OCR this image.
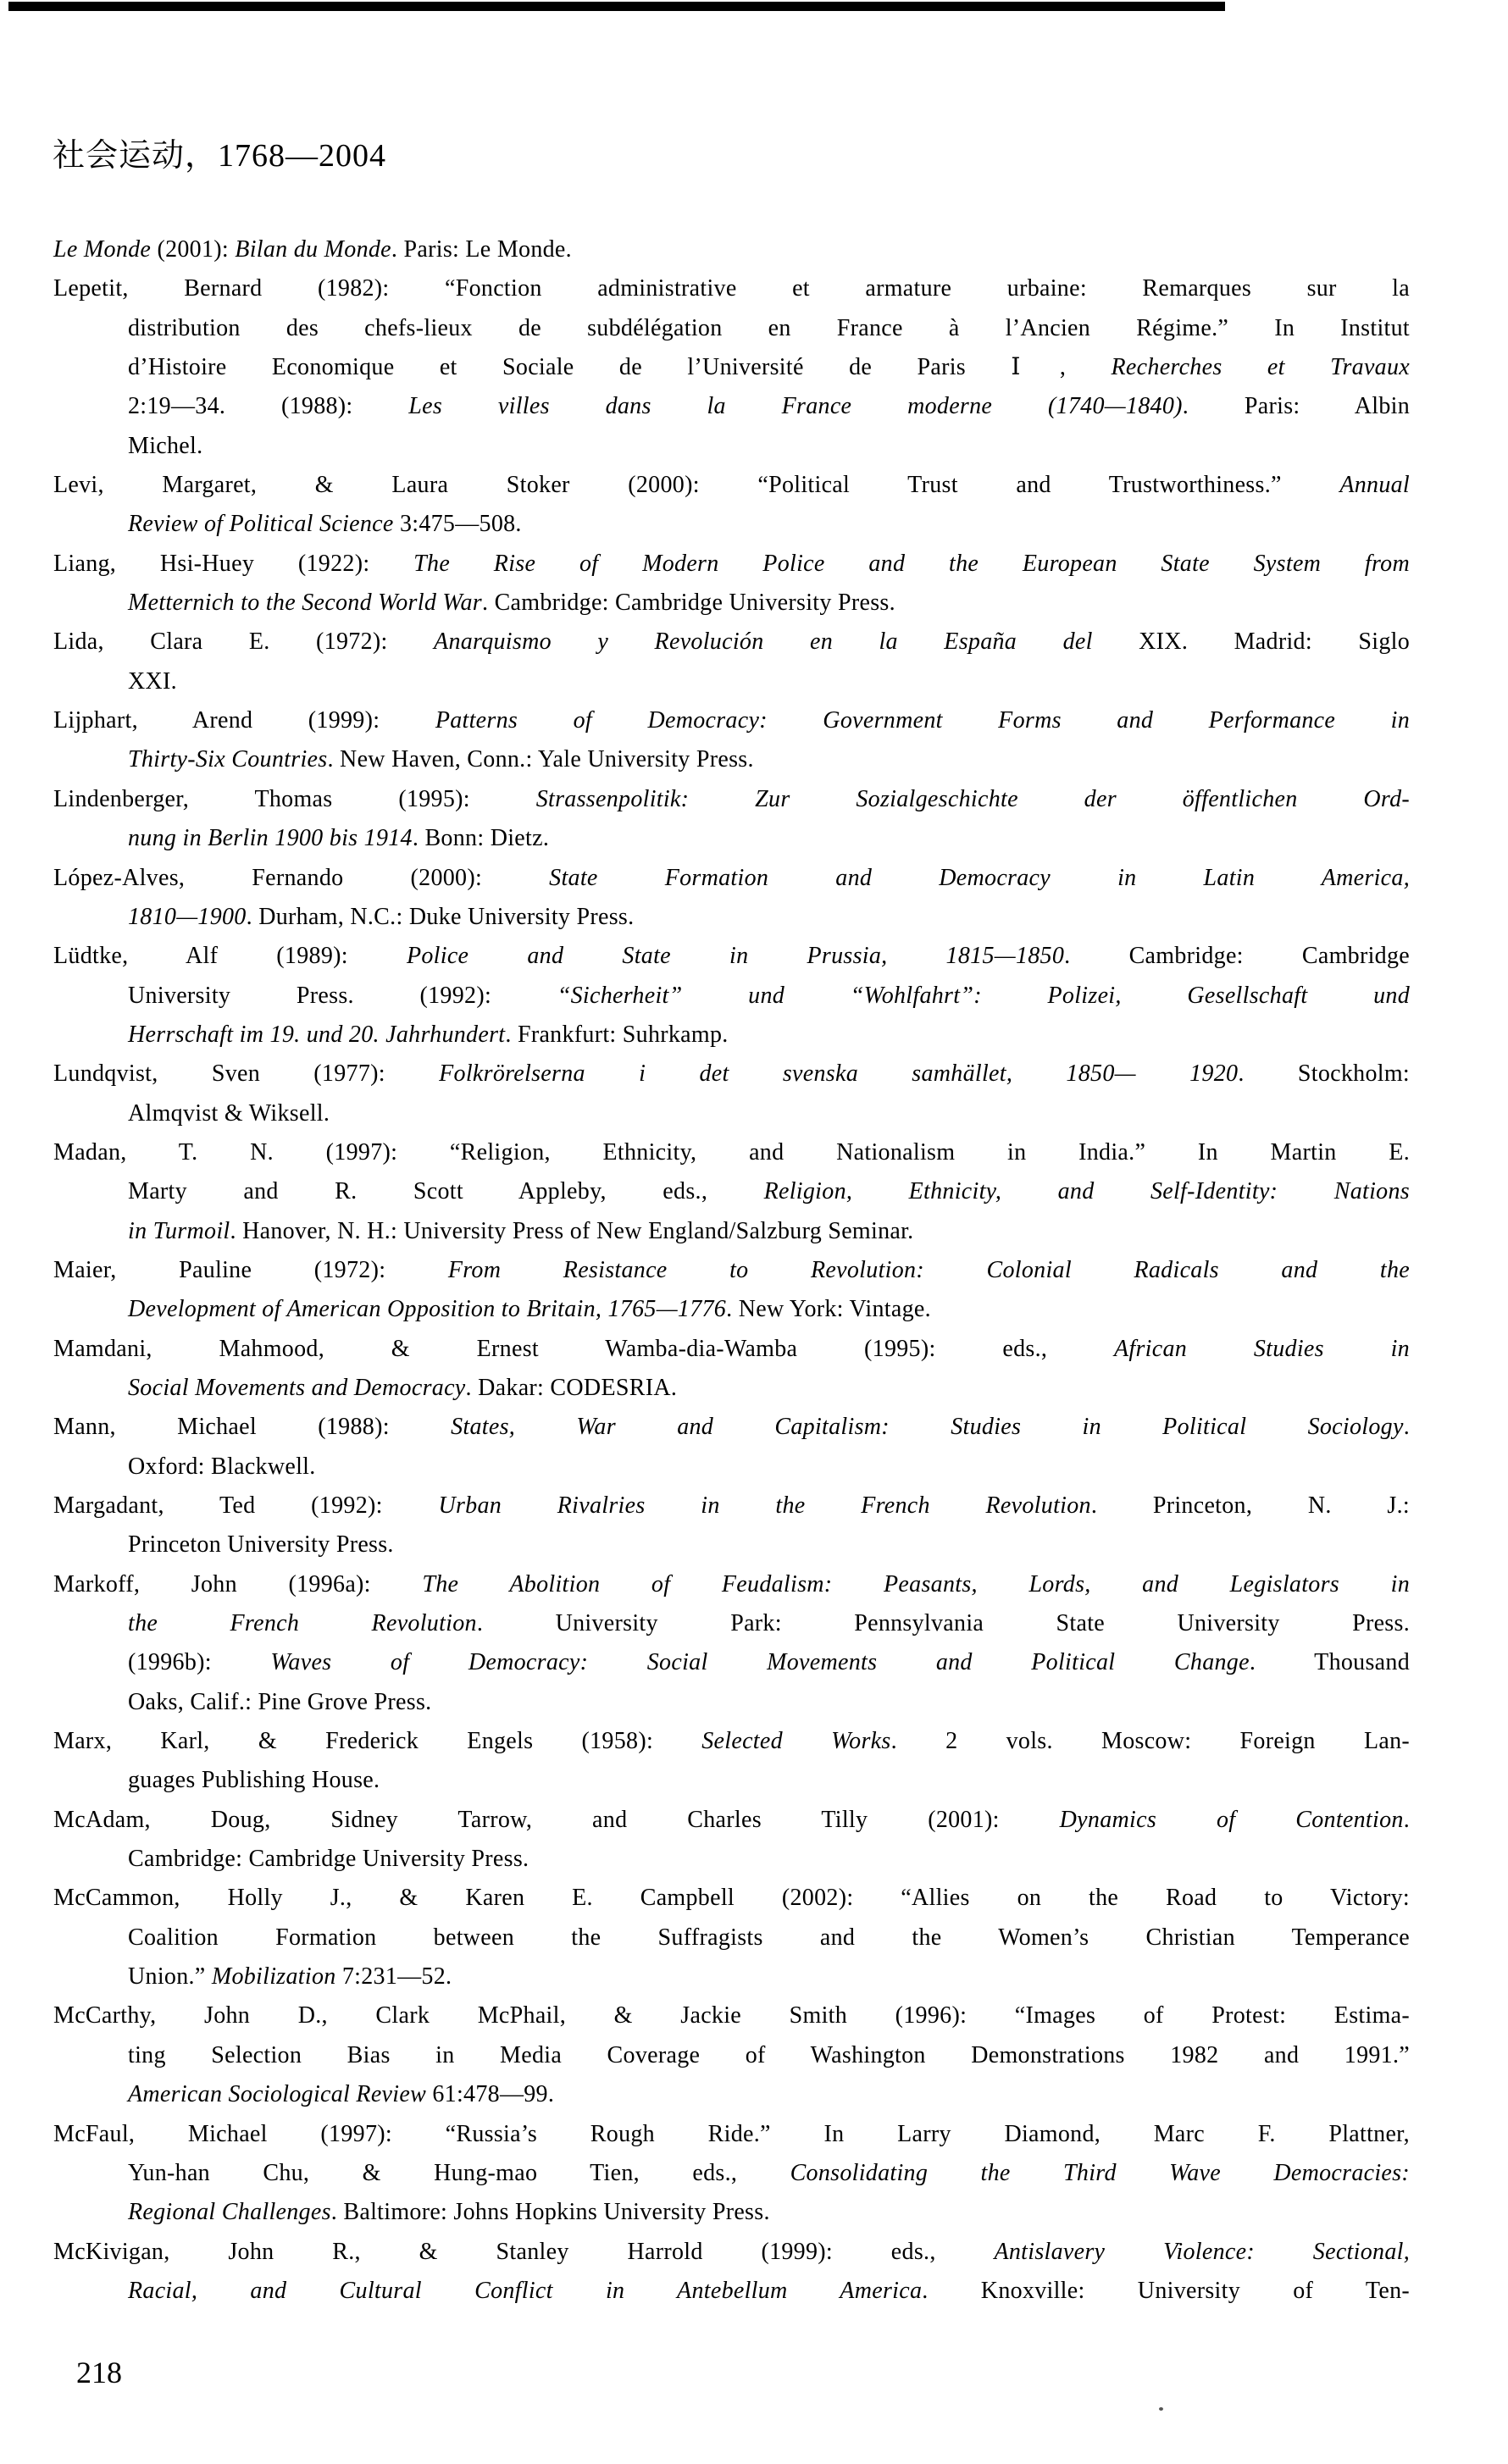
社会运动，1768—2004
Le Monde (2001): Bilan du Monde. Paris: Le Monde.
Lepetit, Bernard (1982): “Fonction administrative et armature urbaine: Remarques sur la
distribution des chefs-lieux de subdélégation en France à l’Ancien Régime.” In Institut
d’Histoire Economique et Sociale de l’Université de Paris Ⅰ, Recherches et Travaux
2:19—34. (1988): Les villes dans la France moderne (1740—1840). Paris: Albin
Michel.
Levi, Margaret, & Laura Stoker (2000): “Political Trust and Trustworthiness.” Annual
Review of Political Science 3:475—508.
Liang, Hsi-Huey (1922): The Rise of Modern Police and the European State System from
Metternich to the Second World War. Cambridge: Cambridge University Press.
Lida, Clara E. (1972): Anarquismo y Revolución en la España del XIX. Madrid: Siglo
XXI.
Lijphart, Arend (1999): Patterns of Democracy: Government Forms and Performance in
Thirty-Six Countries. New Haven, Conn.: Yale University Press.
Lindenberger, Thomas (1995): Strassenpolitik: Zur Sozialgeschichte der öffentlichen Ord-
nung in Berlin 1900 bis 1914. Bonn: Dietz.
López-Alves, Fernando (2000): State Formation and Democracy in Latin America,
1810—1900. Durham, N.C.: Duke University Press.
Lüdtke, Alf (1989): Police and State in Prussia, 1815—1850. Cambridge: Cambridge
University Press. (1992): “Sicherheit” und “Wohlfahrt”: Polizei, Gesellschaft und
Herrschaft im 19. und 20. Jahrhundert. Frankfurt: Suhrkamp.
Lundqvist, Sven (1977): Folkrörelserna i det svenska samhället, 1850— 1920. Stockholm:
Almqvist & Wiksell.
Madan, T. N. (1997): “Religion, Ethnicity, and Nationalism in India.” In Martin E.
Marty and R. Scott Appleby, eds., Religion, Ethnicity, and Self-Identity: Nations
in Turmoil. Hanover, N. H.: University Press of New England/Salzburg Seminar.
Maier, Pauline (1972): From Resistance to Revolution: Colonial Radicals and the
Development of American Opposition to Britain, 1765—1776. New York: Vintage.
Mamdani, Mahmood, & Ernest Wamba-dia-Wamba (1995): eds., African Studies in
Social Movements and Democracy. Dakar: CODESRIA.
Mann, Michael (1988): States, War and Capitalism: Studies in Political Sociology.
Oxford: Blackwell.
Margadant, Ted (1992): Urban Rivalries in the French Revolution. Princeton, N. J.:
Princeton University Press.
Markoff, John (1996a): The Abolition of Feudalism: Peasants, Lords, and Legislators in
the French Revolution. University Park: Pennsylvania State University Press.
(1996b): Waves of Democracy: Social Movements and Political Change. Thousand
Oaks, Calif.: Pine Grove Press.
Marx, Karl, & Frederick Engels (1958): Selected Works. 2 vols. Moscow: Foreign Lan-
guages Publishing House.
McAdam, Doug, Sidney Tarrow, and Charles Tilly (2001): Dynamics of Contention.
Cambridge: Cambridge University Press.
McCammon, Holly J., & Karen E. Campbell (2002): “Allies on the Road to Victory:
Coalition Formation between the Suffragists and the Women’s Christian Temperance
Union.” Mobilization 7:231—52.
McCarthy, John D., Clark McPhail, & Jackie Smith (1996): “Images of Protest: Estima-
ting Selection Bias in Media Coverage of Washington Demonstrations 1982 and 1991.”
American Sociological Review 61:478—99.
McFaul, Michael (1997): “Russia’s Rough Ride.” In Larry Diamond, Marc F. Plattner,
Yun-han Chu, & Hung-mao Tien, eds., Consolidating the Third Wave Democracies:
Regional Challenges. Baltimore: Johns Hopkins University Press.
McKivigan, John R., & Stanley Harrold (1999): eds., Antislavery Violence: Sectional,
Racial, and Cultural Conflict in Antebellum America. Knoxville: University of Ten-
218
